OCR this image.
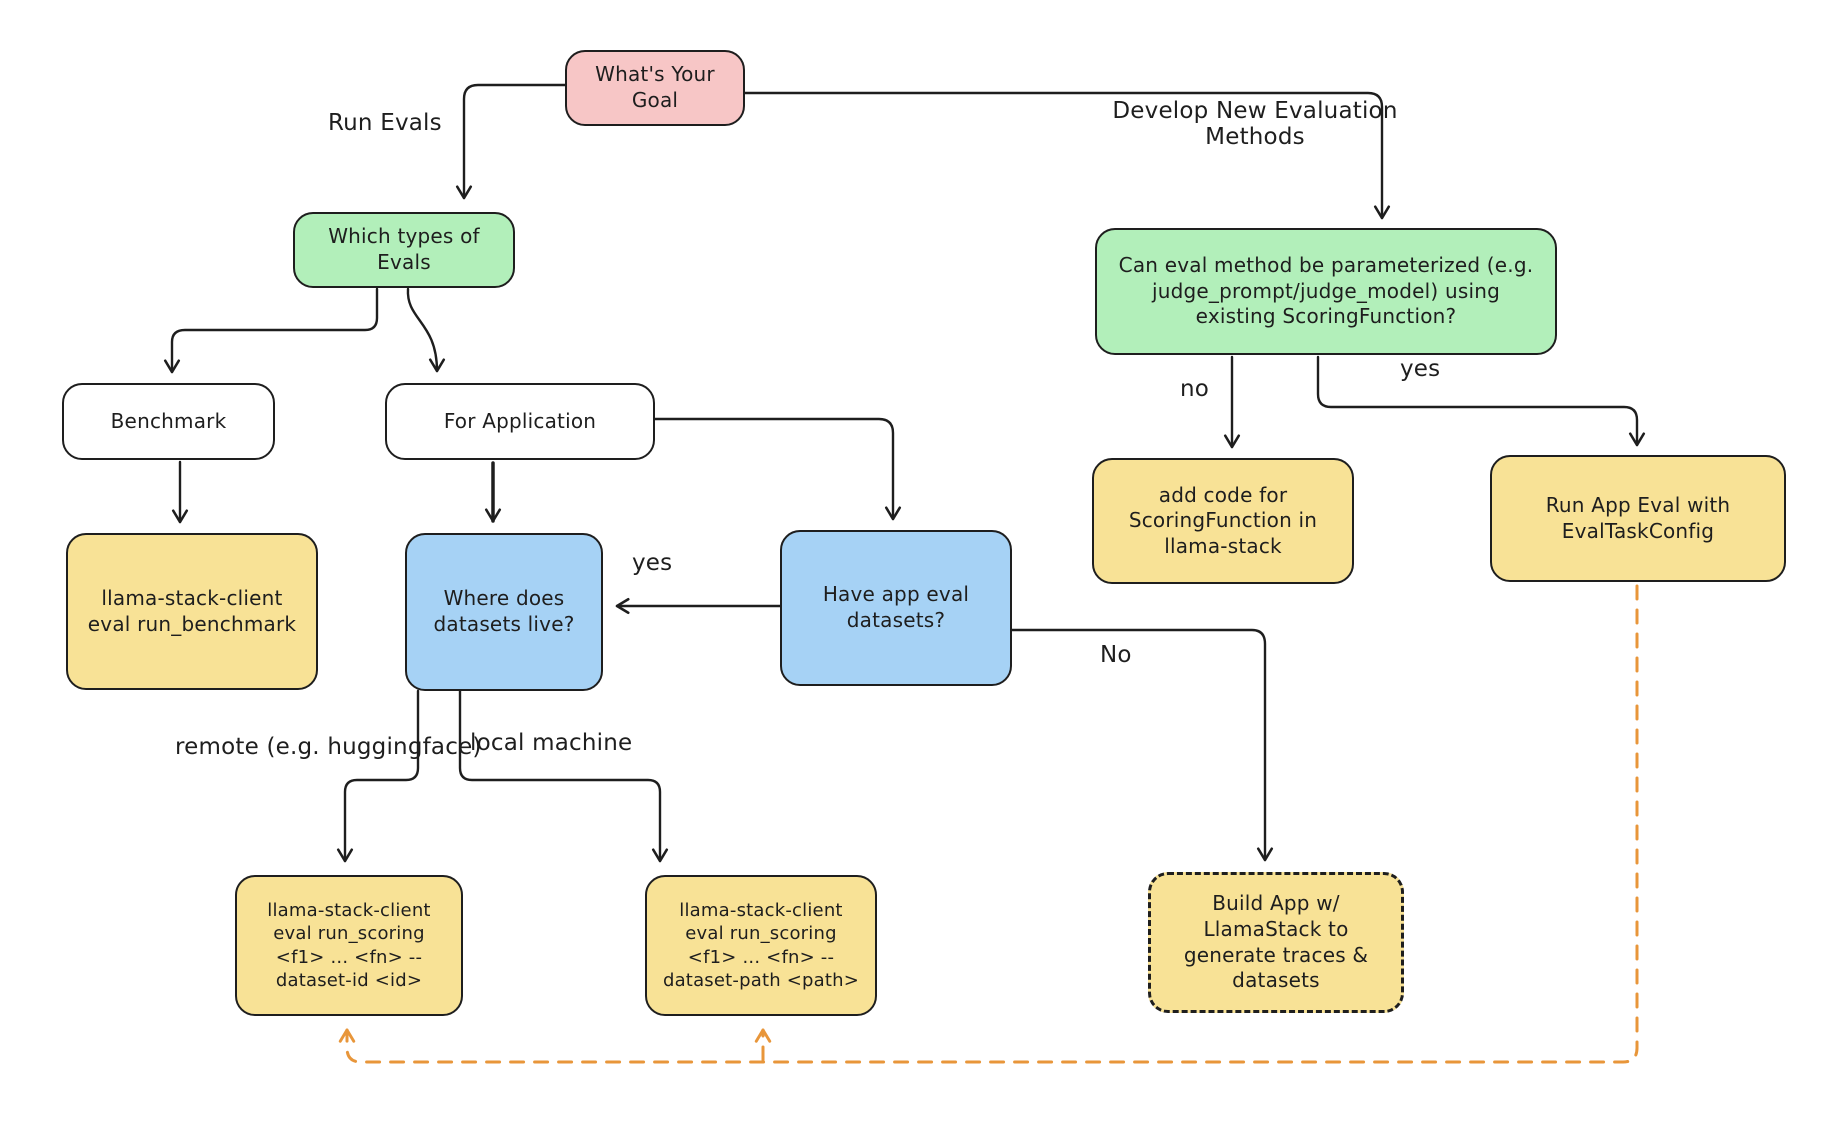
What's Your Goal
Which types of Evals	Can eval method be parameterized (e.g. judge_prompt/judge_model) using existing ScoringFunction?
Benchmark	For Application
llama-stack-client eval run_benchmark
Where does datasets live?
Have app eval datasets?
add code for ScoringFunction in llama-stack
Run App Eval with EvalTaskConfig
llama-stack-client eval run_scoring <f1> ... <fn> --dataset-id <id>
llama-stack-client eval run_scoring <f1> ... <fn> --dataset-path <path>
Build App w/ LlamaStack to generate traces & datasets
Run Evals	Develop New Evaluation Methods
no
yes
yes
No
remote (e.g. huggingface)
local machine
